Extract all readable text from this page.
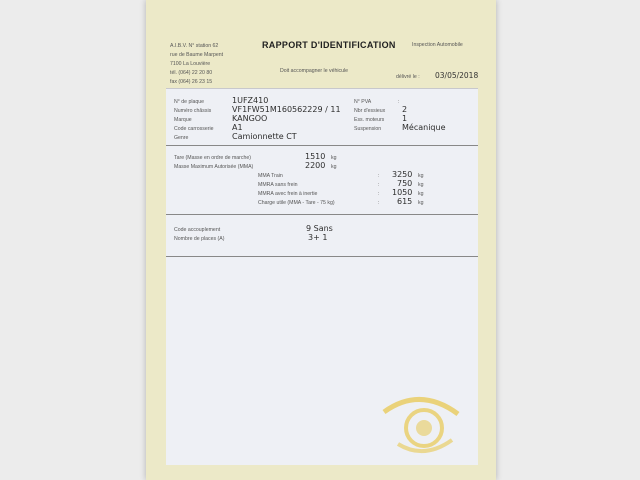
A.I.B.V. N° station 62
rue de Baume Marpent
7100 La Louvière
tél. (064) 22 20 80
fax (064) 26 23 15
RAPPORT D'IDENTIFICATION	Inspection Automobile
Doit accompagner le véhicule
délivré le : 03/05/2018
N° de plaque	1UFZ410
Numéro châssis	VF1FW51M160562229 / 11
Marque	KANGOO
Code carrosserie A1
Genre	Camionnette CT
N° PVA	:
Nbr d'essieux 2
Ess. moteurs 1
Suspension	Mécanique
Tare (Masse en ordre de marche)	1510 kg
Masse Maximum Autorisée (MMA)	2200 kg
MMA Train	: 3250 kg
MMRA sans frein	: 750 kg
MMRA avec frein à inertie	: 1050 kg
Charge utile (MMA - Tare - 75 kg)	: 615 kg
Code accouplement	9 Sans
Nombre de places (A)	3+ 1
